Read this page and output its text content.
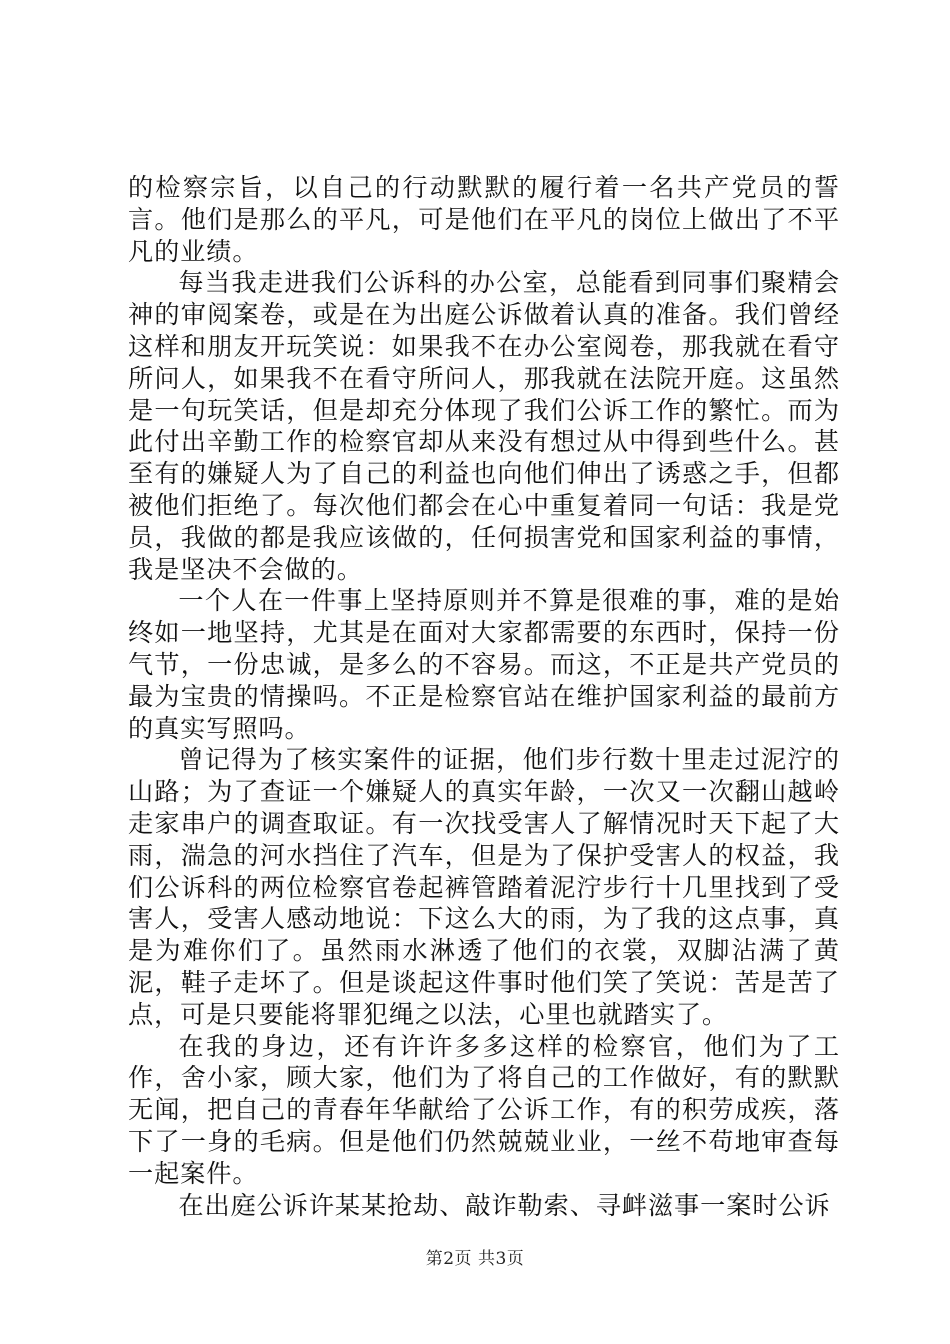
的检察宗旨，以自己的行动默默的履行着一名共产党员的誓言。他们是那么的平凡，可是他们在平凡的岗位上做出了不平凡的业绩。

每当我走进我们公诉科的办公室，总能看到同事们聚精会神的审阅案卷，或是在为出庭公诉做着认真的准备。我们曾经这样和朋友开玩笑说：如果我不在办公室阅卷，那我就在看守所问人，如果我不在看守所问人，那我就在法院开庭。这虽然是一句玩笑话，但是却充分体现了我们公诉工作的繁忙。而为此付出辛勤工作的检察官却从来没有想过从中得到些什么。甚至有的嫌疑人为了自己的利益也向他们伸出了诱惑之手，但都被他们拒绝了。每次他们都会在心中重复着同一句话：我是党员，我做的都是我应该做的，任何损害党和国家利益的事情，我是坚决不会做的。

一个人在一件事上坚持原则并不算是很难的事，难的是始终如一地坚持，尤其是在面对大家都需要的东西时，保持一份气节，一份忠诚，是多么的不容易。而这，不正是共产党员的最为宝贵的情操吗。不正是检察官站在维护国家利益的最前方的真实写照吗。

曾记得为了核实案件的证据，他们步行数十里走过泥泞的山路；为了查证一个嫌疑人的真实年龄，一次又一次翻山越岭走家串户的调查取证。有一次找受害人了解情况时天下起了大雨，湍急的河水挡住了汽车，但是为了保护受害人的权益，我们公诉科的两位检察官卷起裤管踏着泥泞步行十几里找到了受害人，受害人感动地说：下这么大的雨，为了我的这点事，真是为难你们了。虽然雨水淋透了他们的衣裳，双脚沾满了黄泥，鞋子走坏了。但是谈起这件事时他们笑了笑说：苦是苦了点，可是只要能将罪犯绳之以法，心里也就踏实了。

在我的身边，还有许许多多这样的检察官，他们为了工作，舍小家，顾大家，他们为了将自己的工作做好，有的默默无闻，把自己的青春年华献给了公诉工作，有的积劳成疾，落下了一身的毛病。但是他们仍然兢兢业业，一丝不苟地审查每一起案件。

在出庭公诉许某某抢劫、敲诈勒索、寻衅滋事一案时公诉

第2页 共3页
